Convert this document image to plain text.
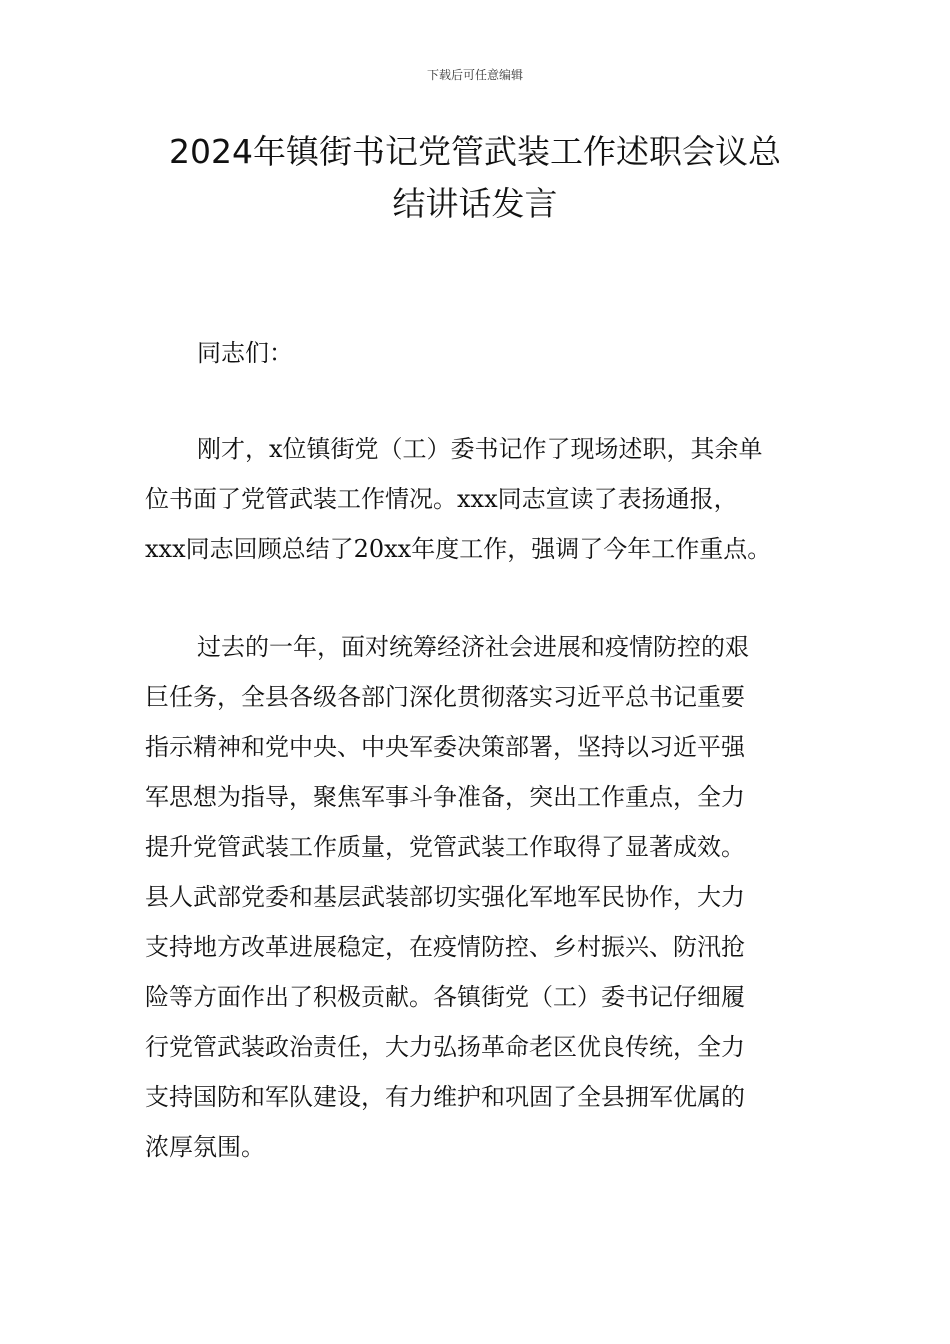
下载后可任意编辑
2024年镇街书记党管武装工作述职会议总
结讲话发言
同志们：
刚才，x位镇街党（工）委书记作了现场述职，其余单
位书面了党管武装工作情况。xxx同志宣读了表扬通报，
xxx同志回顾总结了20xx年度工作，强调了今年工作重点。
过去的一年，面对统筹经济社会进展和疫情防控的艰
巨任务，全县各级各部门深化贯彻落实习近平总书记重要
指示精神和党中央、中央军委决策部署，坚持以习近平强
军思想为指导，聚焦军事斗争准备，突出工作重点，全力
提升党管武装工作质量，党管武装工作取得了显著成效。
县人武部党委和基层武装部切实强化军地军民协作，大力
支持地方改革进展稳定，在疫情防控、乡村振兴、防汛抢
险等方面作出了积极贡献。各镇街党（工）委书记仔细履
行党管武装政治责任，大力弘扬革命老区优良传统，全力
支持国防和军队建设，有力维护和巩固了全县拥军优属的
浓厚氛围。
